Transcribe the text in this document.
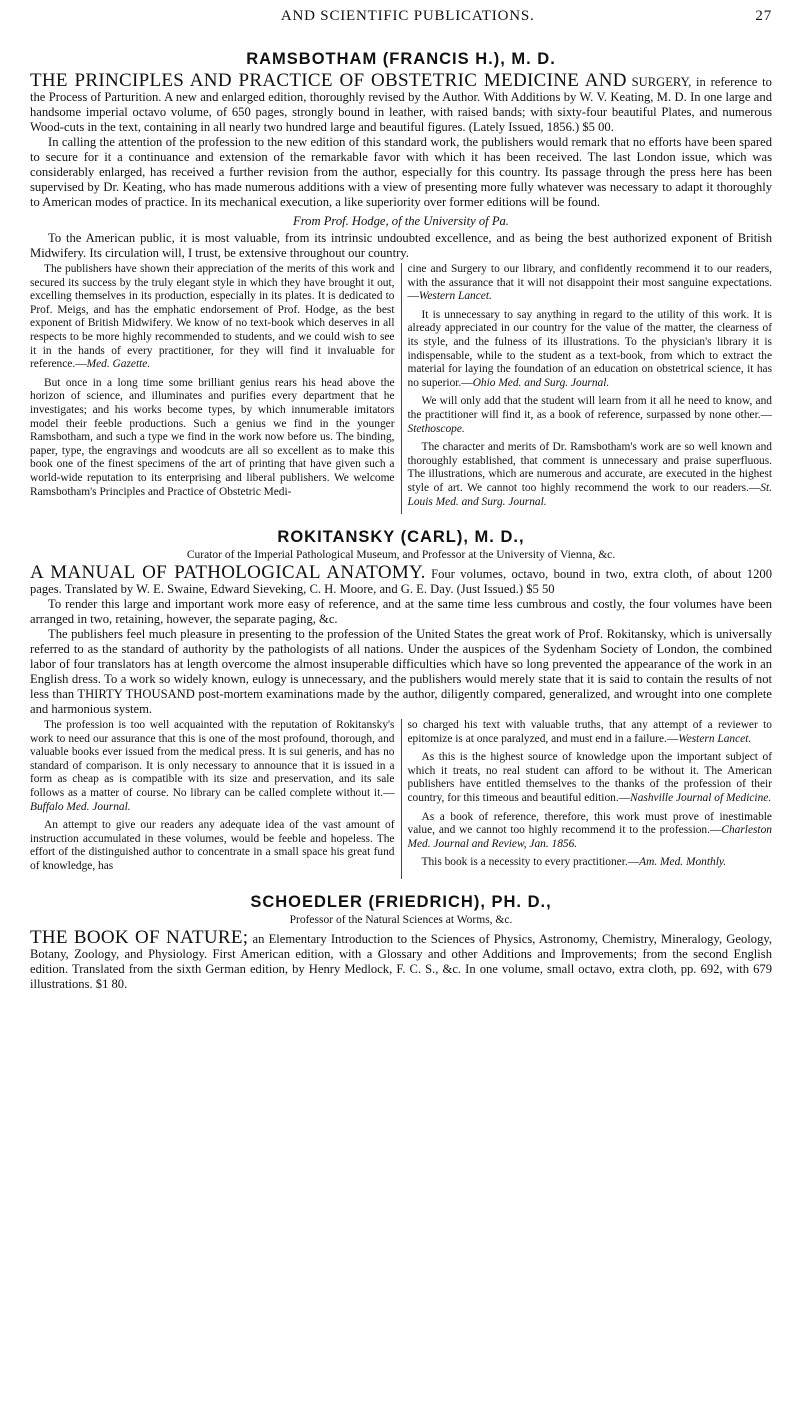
AND SCIENTIFIC PUBLICATIONS.	27
RAMSBOTHAM (FRANCIS H.), M. D.
THE PRINCIPLES AND PRACTICE OF OBSTETRIC MEDICINE AND SURGERY, in reference to the Process of Parturition. A new and enlarged edition, thoroughly revised by the Author. With Additions by W. V. Keating, M. D. In one large and handsome imperial octavo volume, of 650 pages, strongly bound in leather, with raised bands; with sixty-four beautiful Plates, and numerous Wood-cuts in the text, containing in all nearly two hundred large and beautiful figures. (Lately Issued, 1856.) $5 00.

In calling the attention of the profession to the new edition of this standard work, the publishers would remark that no efforts have been spared to secure for it a continuance and extension of the remarkable favor with which it has been received. The last London issue, which was considerably enlarged, has received a further revision from the author, especially for this country. Its passage through the press here has been supervised by Dr. Keating, who has made numerous additions with a view of presenting more fully whatever was necessary to adapt it thoroughly to American modes of practice. In its mechanical execution, a like superiority over former editions will be found.

From Prof. Hodge, of the University of Pa.

To the American public, it is most valuable, from its intrinsic undoubted excellence, and as being the best authorized exponent of British Midwifery. Its circulation will, I trust, be extensive throughout our country.

The publishers have shown their appreciation of the merits of this work and secured its success by the truly elegant style in which they have brought it out, excelling themselves in its production, especially in its plates. It is dedicated to Prof. Meigs, and has the emphatic endorsement of Prof. Hodge, as the best exponent of British Midwifery. We know of no text-book which deserves in all respects to be more highly recommended to students, and we could wish to see it in the hands of every practitioner, for they will find it invaluable for reference.—Med. Gazette.

But once in a long time some brilliant genius rears his head above the horizon of science, and illuminates and purifies every department that he investigates; and his works become types, by which innumerable imitators model their feeble productions. Such a genius we find in the younger Ramsbotham, and such a type we find in the work now before us. The binding, paper, type, the engravings and woodcuts are all so excellent as to make this book one of the finest specimens of the art of printing that have given such a world-wide reputation to its enterprising and liberal publishers. We welcome Ramsbotham's Principles and Practice of Obstetric Medi-

cine and Surgery to our library, and confidently recommend it to our readers, with the assurance that it will not disappoint their most sanguine expectations.—Western Lancet.

It is unnecessary to say anything in regard to the utility of this work. It is already appreciated in our country for the value of the matter, the clearness of its style, and the fulness of its illustrations. To the physician's library it is indispensable, while to the student as a text-book, from which to extract the material for laying the foundation of an education on obstetrical science, it has no superior.—Ohio Med. and Surg. Journal.

We will only add that the student will learn from it all he need to know, and the practitioner will find it, as a book of reference, surpassed by none other.—Stethoscope.

The character and merits of Dr. Ramsbotham's work are so well known and thoroughly established, that comment is unnecessary and praise superfluous. The illustrations, which are numerous and accurate, are executed in the highest style of art. We cannot too highly recommend the work to our readers.—St. Louis Med. and Surg. Journal.

ROKITANSKY (CARL), M. D.,
Curator of the Imperial Pathological Museum, and Professor at the University of Vienna, &c.
A MANUAL OF PATHOLOGICAL ANATOMY. Four volumes, octavo, bound in two, extra cloth, of about 1200 pages. Translated by W. E. Swaine, Edward Sieveking, C. H. Moore, and G. E. Day. (Just Issued.) $5 50

To render this large and important work more easy of reference, and at the same time less cumbrous and costly, the four volumes have been arranged in two, retaining, however, the separate paging, &c.

The publishers feel much pleasure in presenting to the profession of the United States the great work of Prof. Rokitansky, which is universally referred to as the standard of authority by the pathologists of all nations. Under the auspices of the Sydenham Society of London, the combined labor of four translators has at length overcome the almost insuperable difficulties which have so long prevented the appearance of the work in an English dress. To a work so widely known, eulogy is unnecessary, and the publishers would merely state that it is said to contain the results of not less than THIRTY THOUSAND post-mortem examinations made by the author, diligently compared, generalized, and wrought into one complete and harmonious system.

The profession is too well acquainted with the reputation of Rokitansky's work to need our assurance that this is one of the most profound, thorough, and valuable books ever issued from the medical press. It is sui generis, and has no standard of comparison. It is only necessary to announce that it is issued in a form as cheap as is compatible with its size and preservation, and its sale follows as a matter of course. No library can be called complete without it.—Buffalo Med. Journal.

An attempt to give our readers any adequate idea of the vast amount of instruction accumulated in these volumes, would be feeble and hopeless. The effort of the distinguished author to concentrate in a small space his great fund of knowledge, has

so charged his text with valuable truths, that any attempt of a reviewer to epitomize is at once paralyzed, and must end in a failure.—Western Lancet.

As this is the highest source of knowledge upon the important subject of which it treats, no real student can afford to be without it. The American publishers have entitled themselves to the thanks of the profession of their country, for this timeous and beautiful edition.—Nashville Journal of Medicine.

As a book of reference, therefore, this work must prove of inestimable value, and we cannot too highly recommend it to the profession.—Charleston Med. Journal and Review, Jan. 1856.

This book is a necessity to every practitioner.—Am. Med. Monthly.

SCHOEDLER (FRIEDRICH), PH. D.,
Professor of the Natural Sciences at Worms, &c.
THE BOOK OF NATURE; an Elementary Introduction to the Sciences of Physics, Astronomy, Chemistry, Mineralogy, Geology, Botany, Zoology, and Physiology. First American edition, with a Glossary and other Additions and Improvements; from the second English edition. Translated from the sixth German edition, by Henry Medlock, F. C. S., &c. In one volume, small octavo, extra cloth, pp. 692, with 679 illustrations. $1 80.
